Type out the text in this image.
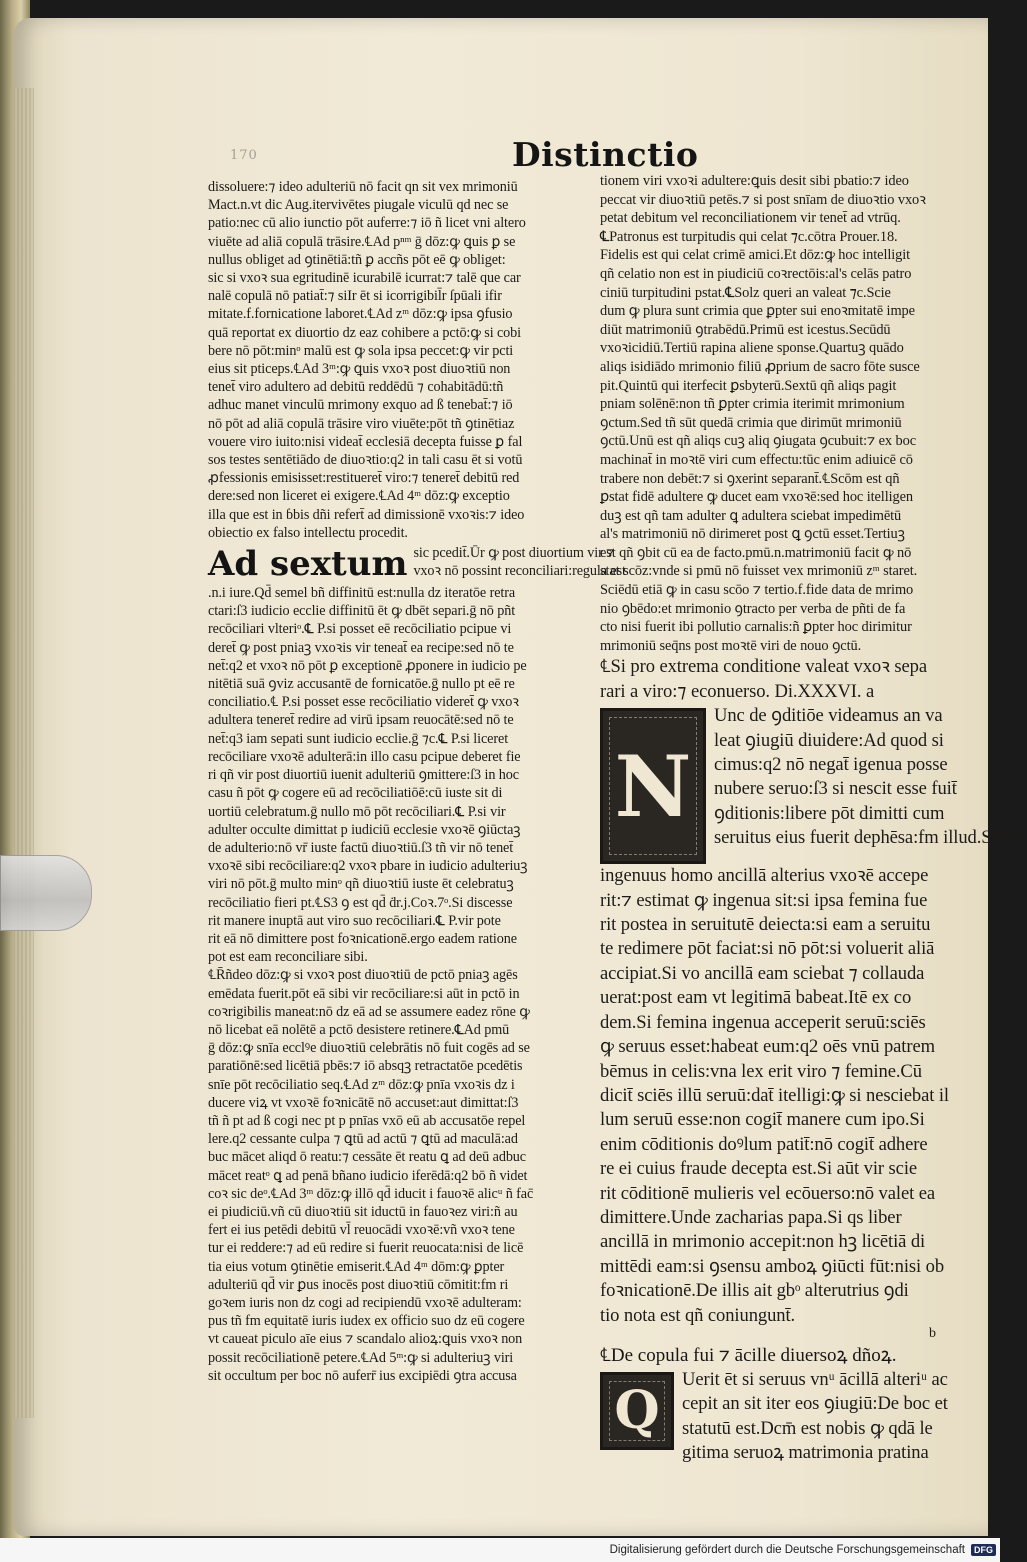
170	Distinctio
dissoluere:⁊ ideo adulteriū nō facit qn sit vex mrimoniū
Mact.n.vt dic Aug.itervivētes piugale viculū qd nec se
patio:nec cū alio iunctio pōt auferre:⁊ iō ñ licet vni altero
viuēte ad aliā copulā trāsire.℄Ad pⁿᵐ ḡ dōz:ꝙ ꝗuis ꝑ se
nullus obliget ad ꝯtinētiā:tñ ꝑ accñs pōt eē ꝙ obliget:
sic si vxoꝛ sua egritudinē icurabilē icurrat:⁊ talē que car
nalē copulā nō patiat̄:⁊ siIr ēt si icorrigibil̄r ſpūali ifir
mitate.f.fornicatione laboret.℄Ad zᵐ dōz:ꝙ ipsa ꝯfusio
quā reportat ex diuortio dz eaz cohibere a pctō:ꝙ si cobi
bere nō pōt:minᵒ malū est ꝙ sola ipsa peccet:ꝙ vir pcti
eius sit pticeps.℄Ad 3ᵐ:ꝙ ꝗuis vxoꝛ post diuoꝛtiū non
tenet̄ viro adultero ad debitū reddēdū ⁊ cohabitādū:tñ
adhuc manet vinculū mrimony exquo ad ß tenebat̄:⁊ iō
nō pōt ad aliā copulā trāsire viro viuēte:pōt tñ ꝯtinētiaz
vouere viro iuito:nisi videat̄ ecclesiā decepta fuisse ꝑ fal
sos testes sentētiādo de diuoꝛtio:q2 in tali casu ēt si votū
ꝓfessionis emisisset:restitueret̄ viro:⁊ teneret̄ debitū red
dere:sed non liceret ei exigere.℄Ad 4ᵐ dōz:ꝙ exceptio
illa que est in ɓbis dñi refert̄ ad dimissionē vxoꝛis:⁊ ideo
obiectio ex falso intellectu procedit.
Ad sextum sic pcedit̄.Ūr ꝙ post diuortium vir ⁊
vxoꝛ nō possint reconciliari:regula est
.n.i iure.Qd̄ semel bñ diffinitū est:nulla dz iteratōe retra
ctari:ſ3 iudicio ecclie diffinitū ēt ꝙ dbēt separi.ḡ nō pñt
recōciliari vlteriᵒ.℄ P.si posset eē recōciliatio pcipue vi
deret̄ ꝙ post pniaꝫ vxoꝛis vir teneat̄ ea recipe:sed nō te
net̄:q2 et vxoꝛ nō pōt ꝑ exceptionē ꝓponere in iudicio pe
nitētiā suā ꝯviz accusantē de fornicatōe.ḡ nullo pt eē re
conciliatio.℄ P.si posset esse recōciliatio videret̄ ꝙ vxoꝛ
adultera teneret̄ redire ad virū ipsam reuocātē:sed nō te
net̄:q3 iam sepati sunt iudicio ecclie.ḡ ⁊c.℄ P.si liceret
recōciliare vxoꝛē adulterā:in illo casu pcipue deberet fie
ri qñ vir post diuortiū iuenit adulteriū ꝯmittere:ſ3 in hoc
casu ñ pōt ꝙ cogere eū ad recōciliatiōē:cū iuste sit di
uortiū celebratum.ḡ nullo mō pōt recōciliari.℄ P.si vir
adulter occulte dimittat p iudiciū ecclesie vxoꝛē ꝯiūctaꝫ
de adulterio:nō vr̄ iuste factū diuoꝛtiū.ſ3 tñ vir nō tenet̄
vxoꝛē sibi recōciliare:q2 vxoꝛ pbare in iudicio adulteriuꝫ
viri nō pōt.ḡ multo minᵒ qñ diuoꝛtiū iuste ēt celebratuꝫ
recōciliatio fieri pt.℄S3 ꝯ est qd̄ ḋr.j.Coꝛ.7ᵒ.Si discesse
rit manere inuptā aut viro suo recōciliari.℄ P.vir pote
rit eā nō dimittere post foꝛnicationē.ergo eadem ratione
pot est eam reconciliare sibi.
℄R̄ñdeo dōz:ꝙ si vxoꝛ post diuoꝛtiū de pctō pniaꝫ agēs
emēdata fuerit.pōt eā sibi vir recōciliare:si aūt in pctō in
coꝛrigibilis maneat:nō dz eā ad se assumere eadez rōne ꝙ
nō licebat eā nolētē a pctō desistere retinere.℄Ad pmū
ḡ dōz:ꝙ snīa ecclꝰe diuoꝛtiū celebrātis nō fuit cogēs ad se
paratiōnē:sed licētiā pbēs:⁊ iō absqꝫ retractatōe pcedētis
snīe pōt recōciliatio seq.℄Ad zᵐ dōz:ꝙ pnīa vxoꝛis dz i
ducere viꝝ vt vxoꝛē foꝛnicātē nō accuset:aut dimittat:ſ3
tñ ñ pt ad ß cogi nec pt p pnīas vxō eū ab accusatōe repel
lere.q2 cessante culpa ⁊ ꝗtū ad actū ⁊ ꝗtū ad maculā:ad
buc mācet aliqd ō reatu:⁊ cessāte ēt reatu ꝗ ad deū adbuc
mācet reatᵒ ꝗ ad penā bñano iudicio iferēdā:q2 bō ñ videt
coꝛ sic deᵒ.℄Ad 3ᵐ dōz:ꝙ illō qd̄ iducit i fauoꝛē alicᵘ ñ fac̄
ei piudiciū.vñ cū diuoꝛtiū sit iductū in fauoꝛez viri:ñ au
fert ei ius petēdi debitū vl̄ reuocādi vxoꝛē:vñ vxoꝛ tene
tur ei reddere:⁊ ad eū redire si fuerit reuocata:nisi de licē
tia eius votum ꝯtinētie emiserit.℄Ad 4ᵐ dōm:ꝙ ꝑpter
adulteriū qd̄ vir ꝑus inocēs post diuoꝛtiū cōmitit:fm ri
goꝛem iuris non dz cogi ad recipiendū vxoꝛē adulteram:
pus tñ fm equitatē iuris iudex ex officio suo dz eū cogere
vt caueat piculo aīe eius ⁊ scandalo alioꝝ:ꝗuis vxoꝛ non
possit recōciliationē petere.℄Ad 5ᵐ:ꝙ si adulteriuꝫ viri
sit occultum per boc nō auferr̄ ius excipiēdi ꝯtra accusa
tionem viri vxoꝛi adultere:ꝗuis desit sibi pbatio:⁊ ideo
peccat vir diuoꝛtiū petēs.⁊ si post snīam de diuoꝛtio vxoꝛ
petat debitum vel reconciliationem vir tenet̄ ad vtrūq.
℄Patronus est turpitudis qui celat ⁊c.cōtra Prouer.18.
Fidelis est qui celat crimē amici.Et dōz:ꝙ hoc intelligit
qñ celatio non est in piudiciū coꝛrectōis:al's celās patro
ciniū turpitudini pstat.℄Solz queri an valeat ⁊c.Scie
dum ꝙ plura sunt crimia que ꝑpter sui enoꝛmitatē impe
diūt matrimoniū ꝯtrabēdū.Primū est icestus.Secūdū
vxoꝛicidiū.Tertiū rapina aliene sponse.Quartuꝫ quādo
aliqs isidiādo mrimonio filiū ꝓprium de sacro fōte susce
pit.Quintū qui iterfecit ꝑsbyterū.Sextū qñ aliqs pagit
pniam solēnē:non tñ ꝑpter crimia iterimit mrimonium
ꝯctum.Sed tñ sūt quedā crimia que dirimūt mrimoniū
ꝯctū.Unū est qñ aliqs cuꝫ aliq ꝯiugata ꝯcubuit:⁊ ex boc
machinat̄ in moꝛtē viri cum effectu:tūc enim adiuicē cō
trabere non debēt:⁊ si ꝯxerint separant̄.℄Scōm est qñ
ꝑstat fidē adultere ꝙ ducet eam vxoꝛē:sed hoc itelligen
duꝫ est qñ tam adulter ꝗ adultera sciebat impedimētū
al's matrimoniū nō dirimeret post ꝗ ꝯctū esset.Tertiuꝫ
est qñ ꝯbit cū ea de facto.pmū.n.matrimoniū facit ꝙ nō
stat scōz:vnde si pmū nō fuisset vex mrimoniū zᵐ staret.
Sciēdū etiā ꝙ in casu scōo ⁊ tertio.f.fide data de mrimo
nio ꝯbēdo:et mrimonio ꝯtracto per verba de pñti de fa
cto nisi fuerit ibi pollutio carnalis:ñ ꝑpter hoc dirimitur
mrimoniū seq̄ns post moꝛtē viri de nouo ꝯctū.
℄Si pro extrema conditione valeat vxoꝛ sepa
rari a viro:⁊ econuerso. Di.XXXVI. a
N
Unc de ꝯditiōe videamus an va
leat ꝯiugiū diuidere:Ad quod si
cimus:q2 nō negat̄ igenua posse
nubere seruo:ſ3 si nescit esse fuit̄
ꝯditionis:libere pōt dimitti cum
seruitus eius fuerit dephēsa:fm illud.Siquis
ingenuus homo ancillā alterius vxoꝛē accepe
rit:⁊ estimat ꝙ ingenua sit:si ipsa femina fue
rit postea in seruitutē deiecta:si eam a seruitu
te redimere pōt faciat:si nō pōt:si voluerit aliā
accipiat.Si vo ancillā eam sciebat ⁊ collauda
uerat:post eam vt legitimā babeat.Itē ex co
dem.Si femina ingenua acceperit seruū:sciēs
ꝙ seruus esset:habeat eum:q2 oēs vnū patrem
bēmus in celis:vna lex erit viro ⁊ femine.Cū
dicit̄ sciēs illū seruū:dat̄ itelligi:ꝙ si nesciebat il
lum seruū esse:non cogit̄ manere cum ipo.Si
enim cōditionis doꝰlum patit̄:nō cogit̄ adhere
re ei cuius fraude decepta est.Si aūt vir scie
rit cōditionē mulieris vel ecōuerso:nō valet ea
dimittere.Unde zacharias papa.Si qs liber
ancillā in mrimonio accepit:non hꝫ licētiā di
mittēdi eam:si ꝯsensu amboꝝ ꝯiūcti fūt:nisi ob
foꝛnicationē.De illis ait gbᵒ alterutrius ꝯdi
tio nota est qñ coniungunt̄.
b
℄De copula fui ⁊ ācille diuersoꝝ dñoꝝ.
Q
Uerit ēt si seruus vnᵘ ācillā alteriᵘ ac
cepit an sit iter eos ꝯiugiū:De boc et
statutū est.Dcm̄ est nobis ꝙ qdā le
gitima seruoꝝ matrimonia pratina
Digitalisierung gefördert durch die Deutsche Forschungsgemeinschaft	DFG
